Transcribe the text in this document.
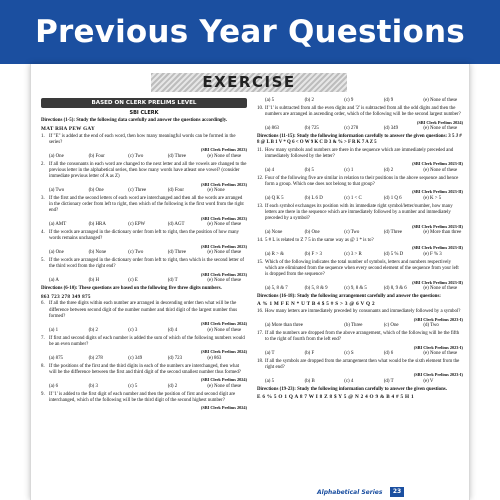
Previous Year Questions
EXERCISE
BASED ON CLERK PRELIMS LEVEL
SBI CLERK
Directions (1-5): Study the following data carefully and answer the questions accordingly.
MAT RHA PEW GAY
1. If "E" is added at the end of each word, then how many meaningful words can be formed in the series?
(SBI Clerk Prelims 2023)
(a) One	(b) Four	(c) Two	(d) Three	(e) None of these
2. If all the consonants in each word are changed to the next letter and all the vowels are changed to the previous letter in the alphabetical series, then how many words have atleast one vowel? (consider immediate previous letter of A as Z)
(SBI Clerk Prelims 2023)
(a) Two	(b) One	(c) Three	(d) Four	(e) None
3. If the first and the second letters of each word are interchanged and then all the words are arranged in the dictionary order from left to right, then which of the following is the first word from the right end?
(SBI Clerk Prelims 2023)
(a) AMT	(b) HRA	(c) EPW	(d) AGT	(e) None of these
4. If the words are arranged in the dictionary order from left to right, then the position of how many words remains unchanged?
(SBI Clerk Prelims 2023)
(a) One	(b) None	(c) Two	(d) Three	(e) None of these
5. If the words are arranged in the dictionary order from left to right, then which is the second letter of the third word from the right end?
(SBI Clerk Prelims 2023)
(a) A	(b) H	(c) E	(d) T	(e) None of these
Directions (6-10): These questions are based on the following five three digits numbers.
863 723 278 349 875
6. If all the three digits within each number are arranged in descending order then what will be the difference between second digit of the number number and third digit of the largest number thus formed?
(SBI Clerk Prelims 2024)
(a) 1	(b) 2	(c) 3	(d) 4	(e) None of these
7. If first and second digits of each number is added the sum of which of the following numbers would be an even number?
(SBI Clerk Prelims 2024)
(a) 875	(b) 278	(c) 349	(d) 723	(e) 863
8. If the positions of the first and the third digits in each of the numbers are interchanged, then what will be the difference between the first and third digit of the second smallest number thus formed?
(SBI Clerk Prelims 2024)
(a) 6	(b) 3	(c) 5	(d) 2	(e) None of these
9. If '1' is added to the first digit of each number and then the position of first and second digit are interchanged, which of the following will be the third digit of the second highest number?
(SBI Clerk Prelims 2024)
(a) 5	(b) 2	(c) 9	(d) 9	(e) None of these
10. If '1' is subtracted from all the even digits and '2' is subtracted from all the odd digits and then the numbers are arranged in ascending order, which of the following will be the second largest number?
(SBI Clerk Prelims 2024)
(a) 863	(b) 725	(c) 278	(d) 349	(e) None of these
Directions (11-15): Study the following information carefully to answer the given questions: 3 5 J # 8 @ L B 1 V * Q 6 < O W 9 K C D 3 & % > F R K 7 A Z 5
11. How many symbols and numbers are there in the sequence which are immediately preceded and immediately followed by the letter?
(SBI Clerk Prelims 2023-II)
(a) 4	(b) 5	(c) 1	(d) 2	(e) None of these
12. Four of the following five are similar in relation to their positions in the above sequence and hence form a group. Which one does not belong to that group?
(SBI Clerk Prelims 2023-II)
(a) Q K 5	(b) L 6 D	(c) 1 < C	(d) 1 Q 6	(e) K > 5
13. If each symbol exchanges its position with its immediate right symbol/letter/number, how many letters are there in the sequence which are immediately followed by a number and immediately preceded by a symbol?
(SBI Clerk Prelims 2023-II)
(a) None	(b) One	(c) Two	(d) Three	(e) More than three
14. 5 # L is related to Z 7 5 in the same way as @ 1 * is to?
(SBI Clerk Prelims 2023-II)
(a) R > &	(b) F > 3	(c) 3 > R	(d) 5 % D	(e) F % 3
15. Which of the following indicates the total number of symbols, letters and numbers respectively which are eliminated from the sequence when every second element of the sequence from your left is dropped from the sequence?
(SBI Clerk Prelims 2023-II)
(a) 5, 8 & 7	(b) 5, 8 & 9	(c) 9, 8 & 5	(d) 8, 9 & 6	(e) None of these
Directions (16-18): Study the following arrangement carefully and answer the questions:
A % 1 M F E N * U T B 4 $ 5 # S > 3 @ 6 V Q 2
16. How many letters are immediately preceded by consonants and immediately followed by a symbol?
(SBI Clerk Prelims 2023-I)
(a) More than three	(b) Three	(c) One	(d) Two
17. If all the numbers are dropped from the above arrangement, which of the following will be the fifth to the right of fourth from the left end?
(SBI Clerk Prelims 2023-I)
(a) T	(b) F	(c) S	(d) 6	(e) None of these
18. If all the symbols are dropped from the arrangement then what would be the sixth element from the right end?
(SBI Clerk Prelims 2023-I)
(a) 5	(b) B	(c) 4	(d) T	(e) V
Directions (19-23): Study the following information carefully to answer the given questions.
E 6 % 5 O 1 Q A 8 7 W I 8 Z 8 $ Y 5 @ N 2 4 O 9 & B 4 # 5 H 1
Alphabetical Series	23
